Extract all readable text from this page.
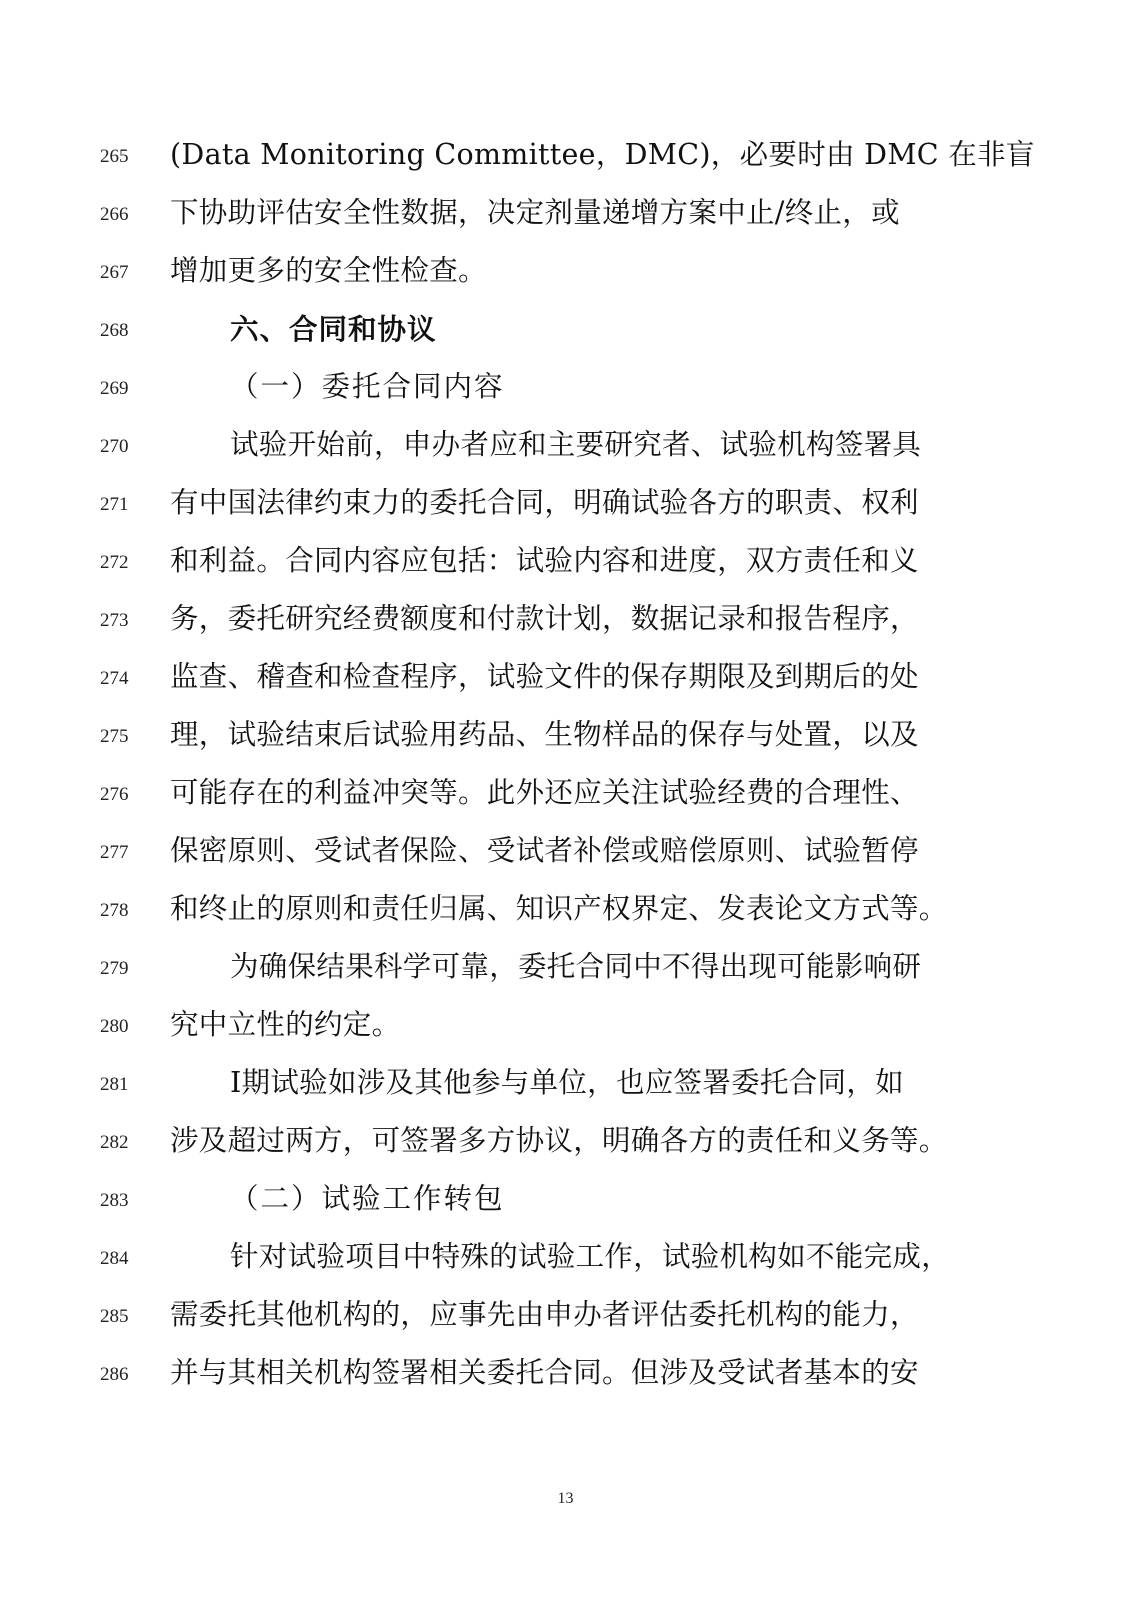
265	(Data Monitoring Committee，DMC)，必要时由 DMC 在非盲
266	下协助评估安全性数据，决定剂量递增方案中止/终止，或
267	增加更多的安全性检查。
268	六、合同和协议
269	（一）委托合同内容
270	试验开始前，申办者应和主要研究者、试验机构签署具
271	有中国法律约束力的委托合同，明确试验各方的职责、权利
272	和利益。合同内容应包括：试验内容和进度，双方责任和义
273	务，委托研究经费额度和付款计划，数据记录和报告程序，
274	监查、稽查和检查程序，试验文件的保存期限及到期后的处
275	理，试验结束后试验用药品、生物样品的保存与处置，以及
276	可能存在的利益冲突等。此外还应关注试验经费的合理性、
277	保密原则、受试者保险、受试者补偿或赔偿原则、试验暂停
278	和终止的原则和责任归属、知识产权界定、发表论文方式等。
279	为确保结果科学可靠，委托合同中不得出现可能影响研
280	究中立性的约定。
281	Ⅰ期试验如涉及其他参与单位，也应签署委托合同，如
282	涉及超过两方，可签署多方协议，明确各方的责任和义务等。
283	（二）试验工作转包
284	针对试验项目中特殊的试验工作，试验机构如不能完成，
285	需委托其他机构的，应事先由申办者评估委托机构的能力，
286	并与其相关机构签署相关委托合同。但涉及受试者基本的安
13
